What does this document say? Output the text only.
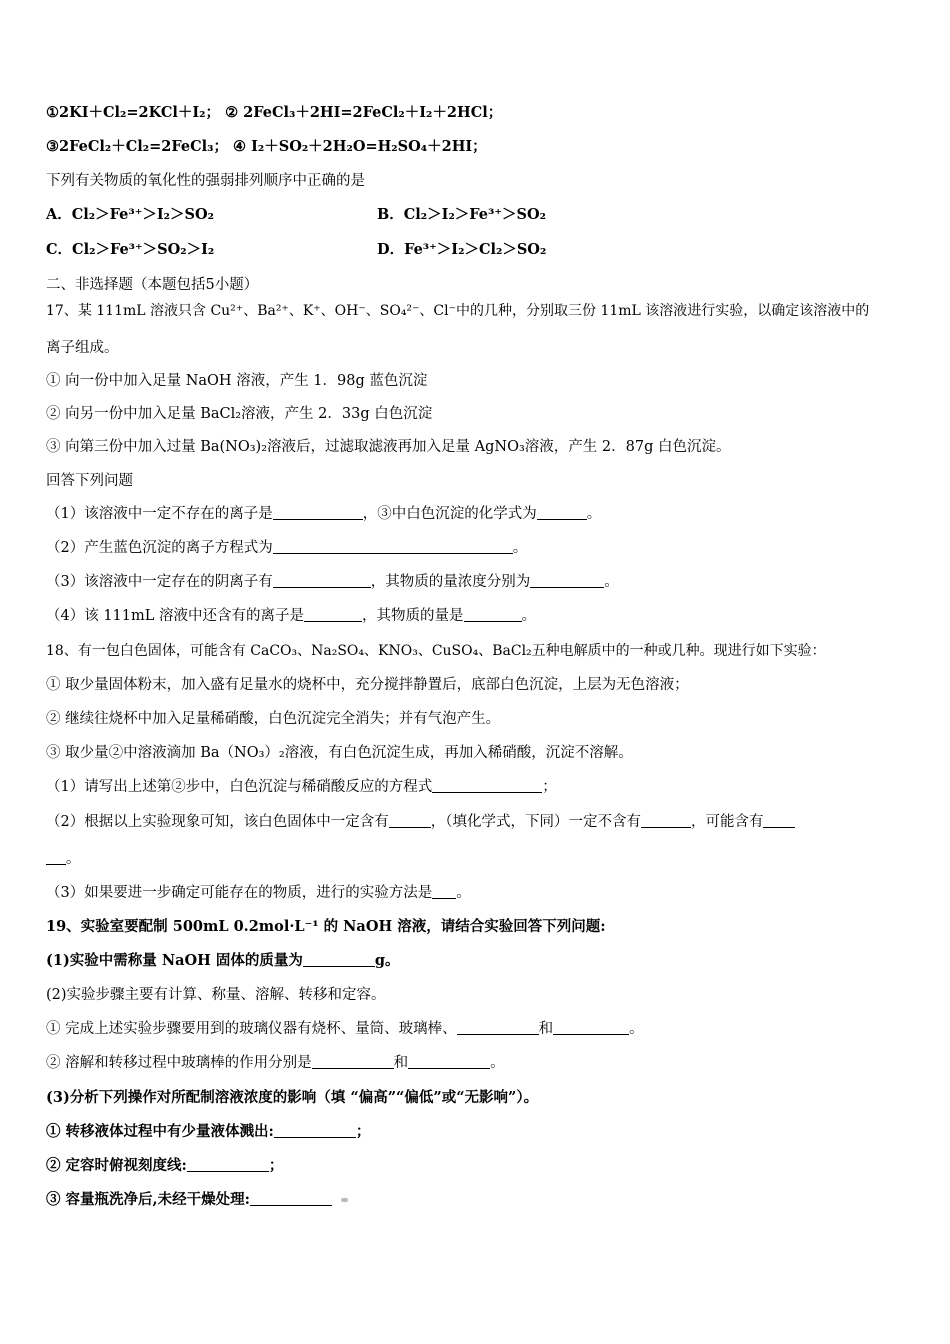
①2KI＋Cl₂=2KCl＋I₂； ② 2FeCl₃＋2HI=2FeCl₂＋I₂＋2HCl；
③2FeCl₂＋Cl₂=2FeCl₃； ④ I₂＋SO₂＋2H₂O=H₂SO₄＋2HI；
下列有关物质的氧化性的强弱排列顺序中正确的是
A．Cl₂＞Fe³⁺＞I₂＞SO₂	B．Cl₂＞I₂＞Fe³⁺＞SO₂
C．Cl₂＞Fe³⁺＞SO₂＞I₂	D．Fe³⁺＞I₂＞Cl₂＞SO₂
二、非选择题（本题包括5小题）
17、某 111mL 溶液只含 Cu²⁺、Ba²⁺、K⁺、OH⁻、SO₄²⁻、Cl⁻中的几种，分别取三份 11mL 该溶液进行实验，以确定该溶液中的
离子组成。
① 向一份中加入足量 NaOH 溶液，产生 1．98g 蓝色沉淀
② 向另一份中加入足量 BaCl₂溶液，产生 2．33g 白色沉淀
③ 向第三份中加入过量 Ba(NO₃)₂溶液后，过滤取滤液再加入足量 AgNO₃溶液，产生 2．87g 白色沉淀。
回答下列问题
（1）该溶液中一定不存在的离子是	，③中白色沉淀的化学式为	。
（2）产生蓝色沉淀的离子方程式为	。
（3）该溶液中一定存在的阴离子有	，其物质的量浓度分别为	。
（4）该 111mL 溶液中还含有的离子是	，其物质的量是	。
18、有一包白色固体，可能含有 CaCO₃、Na₂SO₄、KNO₃、CuSO₄、BaCl₂五种电解质中的一种或几种。现进行如下实验：
① 取少量固体粉末，加入盛有足量水的烧杯中，充分搅拌静置后，底部白色沉淀，上层为无色溶液；
② 继续往烧杯中加入足量稀硝酸，白色沉淀完全消失；并有气泡产生。
③ 取少量②中溶液滴加 Ba（NO₃）₂溶液，有白色沉淀生成，再加入稀硝酸，沉淀不溶解。
（1）请写出上述第②步中，白色沉淀与稀硝酸反应的方程式	；
（2）根据以上实验现象可知，该白色固体中一定含有	，（填化学式，下同）一定不含有	，可能含有
。
（3）如果要进一步确定可能存在的物质，进行的实验方法是 。
19、实验室要配制 500mL 0.2mol·L⁻¹ 的 NaOH 溶液，请结合实验回答下列问题:
(1)实验中需称量 NaOH 固体的质量为	g。
(2)实验步骤主要有计算、称量、溶解、转移和定容。
① 完成上述实验步骤要用到的玻璃仪器有烧杯、量筒、玻璃棒、	和	。
② 溶解和转移过程中玻璃棒的作用分别是	和	。
(3)分析下列操作对所配制溶液浓度的影响（填 “偏高”“偏低”或“无影响”）。
① 转移液体过程中有少量液体溅出:	；
② 定容时俯视刻度线:	；
③ 容量瓶洗净后,未经干燥处理:
